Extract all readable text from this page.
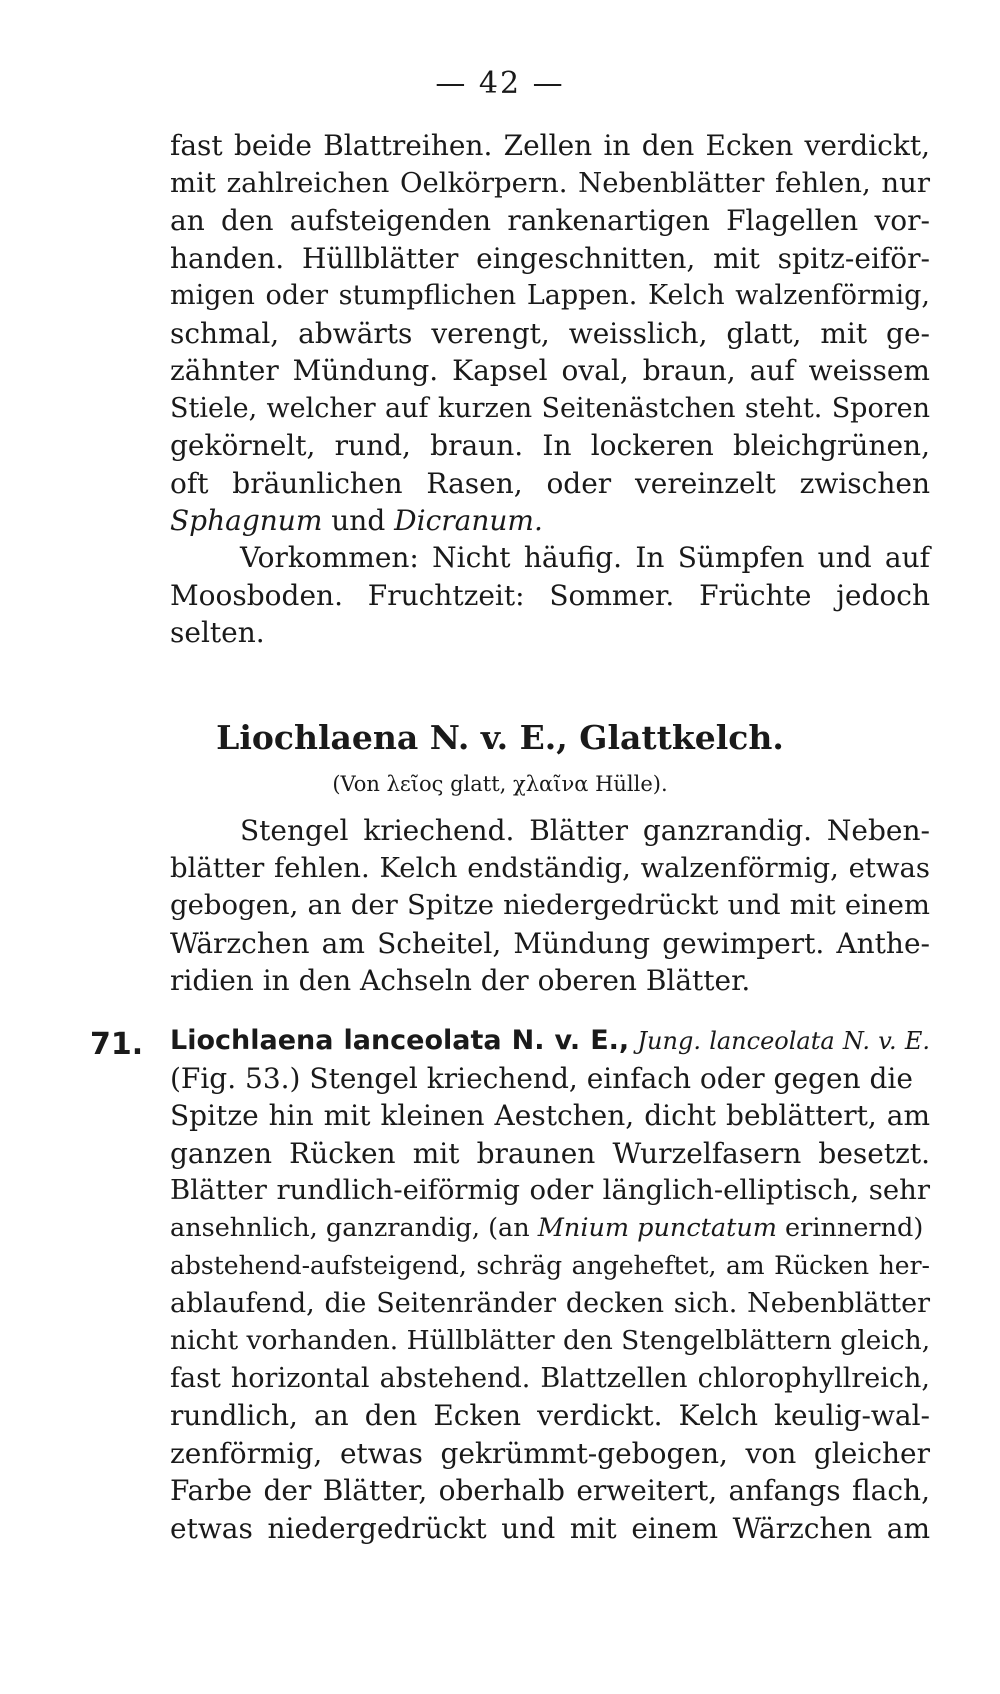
— 42 —
fast beide Blattreihen. Zellen in den Ecken verdickt,
mit zahlreichen Oelkörpern. Nebenblätter fehlen, nur
an den aufsteigenden rankenartigen Flagellen vor-
handen. Hüllblätter eingeschnitten, mit spitz-eiför-
migen oder stumpflichen Lappen. Kelch walzenförmig,
schmal, abwärts verengt, weisslich, glatt, mit ge-
zähnter Mündung. Kapsel oval, braun, auf weissem
Stiele, welcher auf kurzen Seitenästchen steht. Sporen
gekörnelt, rund, braun. In lockeren bleichgrünen,
oft bräunlichen Rasen, oder vereinzelt zwischen
Sphagnum und Dicranum.
Vorkommen: Nicht häufig. In Sümpfen und auf
Moosboden. Fruchtzeit: Sommer. Früchte jedoch
selten.
Liochlaena N. v. E., Glattkelch.
(Von λεῖος glatt, χλαῖνα Hülle).
Stengel kriechend. Blätter ganzrandig. Neben-
blätter fehlen. Kelch endständig, walzenförmig, etwas
gebogen, an der Spitze niedergedrückt und mit einem
Wärzchen am Scheitel, Mündung gewimpert. Anthe-
ridien in den Achseln der oberen Blätter.
71. Liochlaena lanceolata N. v. E., Jung. lanceolata N. v. E.
(Fig. 53.) Stengel kriechend, einfach oder gegen die
Spitze hin mit kleinen Aestchen, dicht beblättert, am
ganzen Rücken mit braunen Wurzelfasern besetzt.
Blätter rundlich-eiförmig oder länglich-elliptisch, sehr
ansehnlich, ganzrandig, (an Mnium punctatum erinnernd)
abstehend-aufsteigend, schräg angeheftet, am Rücken her-
ablaufend, die Seitenränder decken sich. Nebenblätter
nicht vorhanden. Hüllblätter den Stengelblättern gleich,
fast horizontal abstehend. Blattzellen chlorophyllreich,
rundlich, an den Ecken verdickt. Kelch keulig-wal-
zenförmig, etwas gekrümmt-gebogen, von gleicher
Farbe der Blätter, oberhalb erweitert, anfangs flach,
etwas niedergedrückt und mit einem Wärzchen am
